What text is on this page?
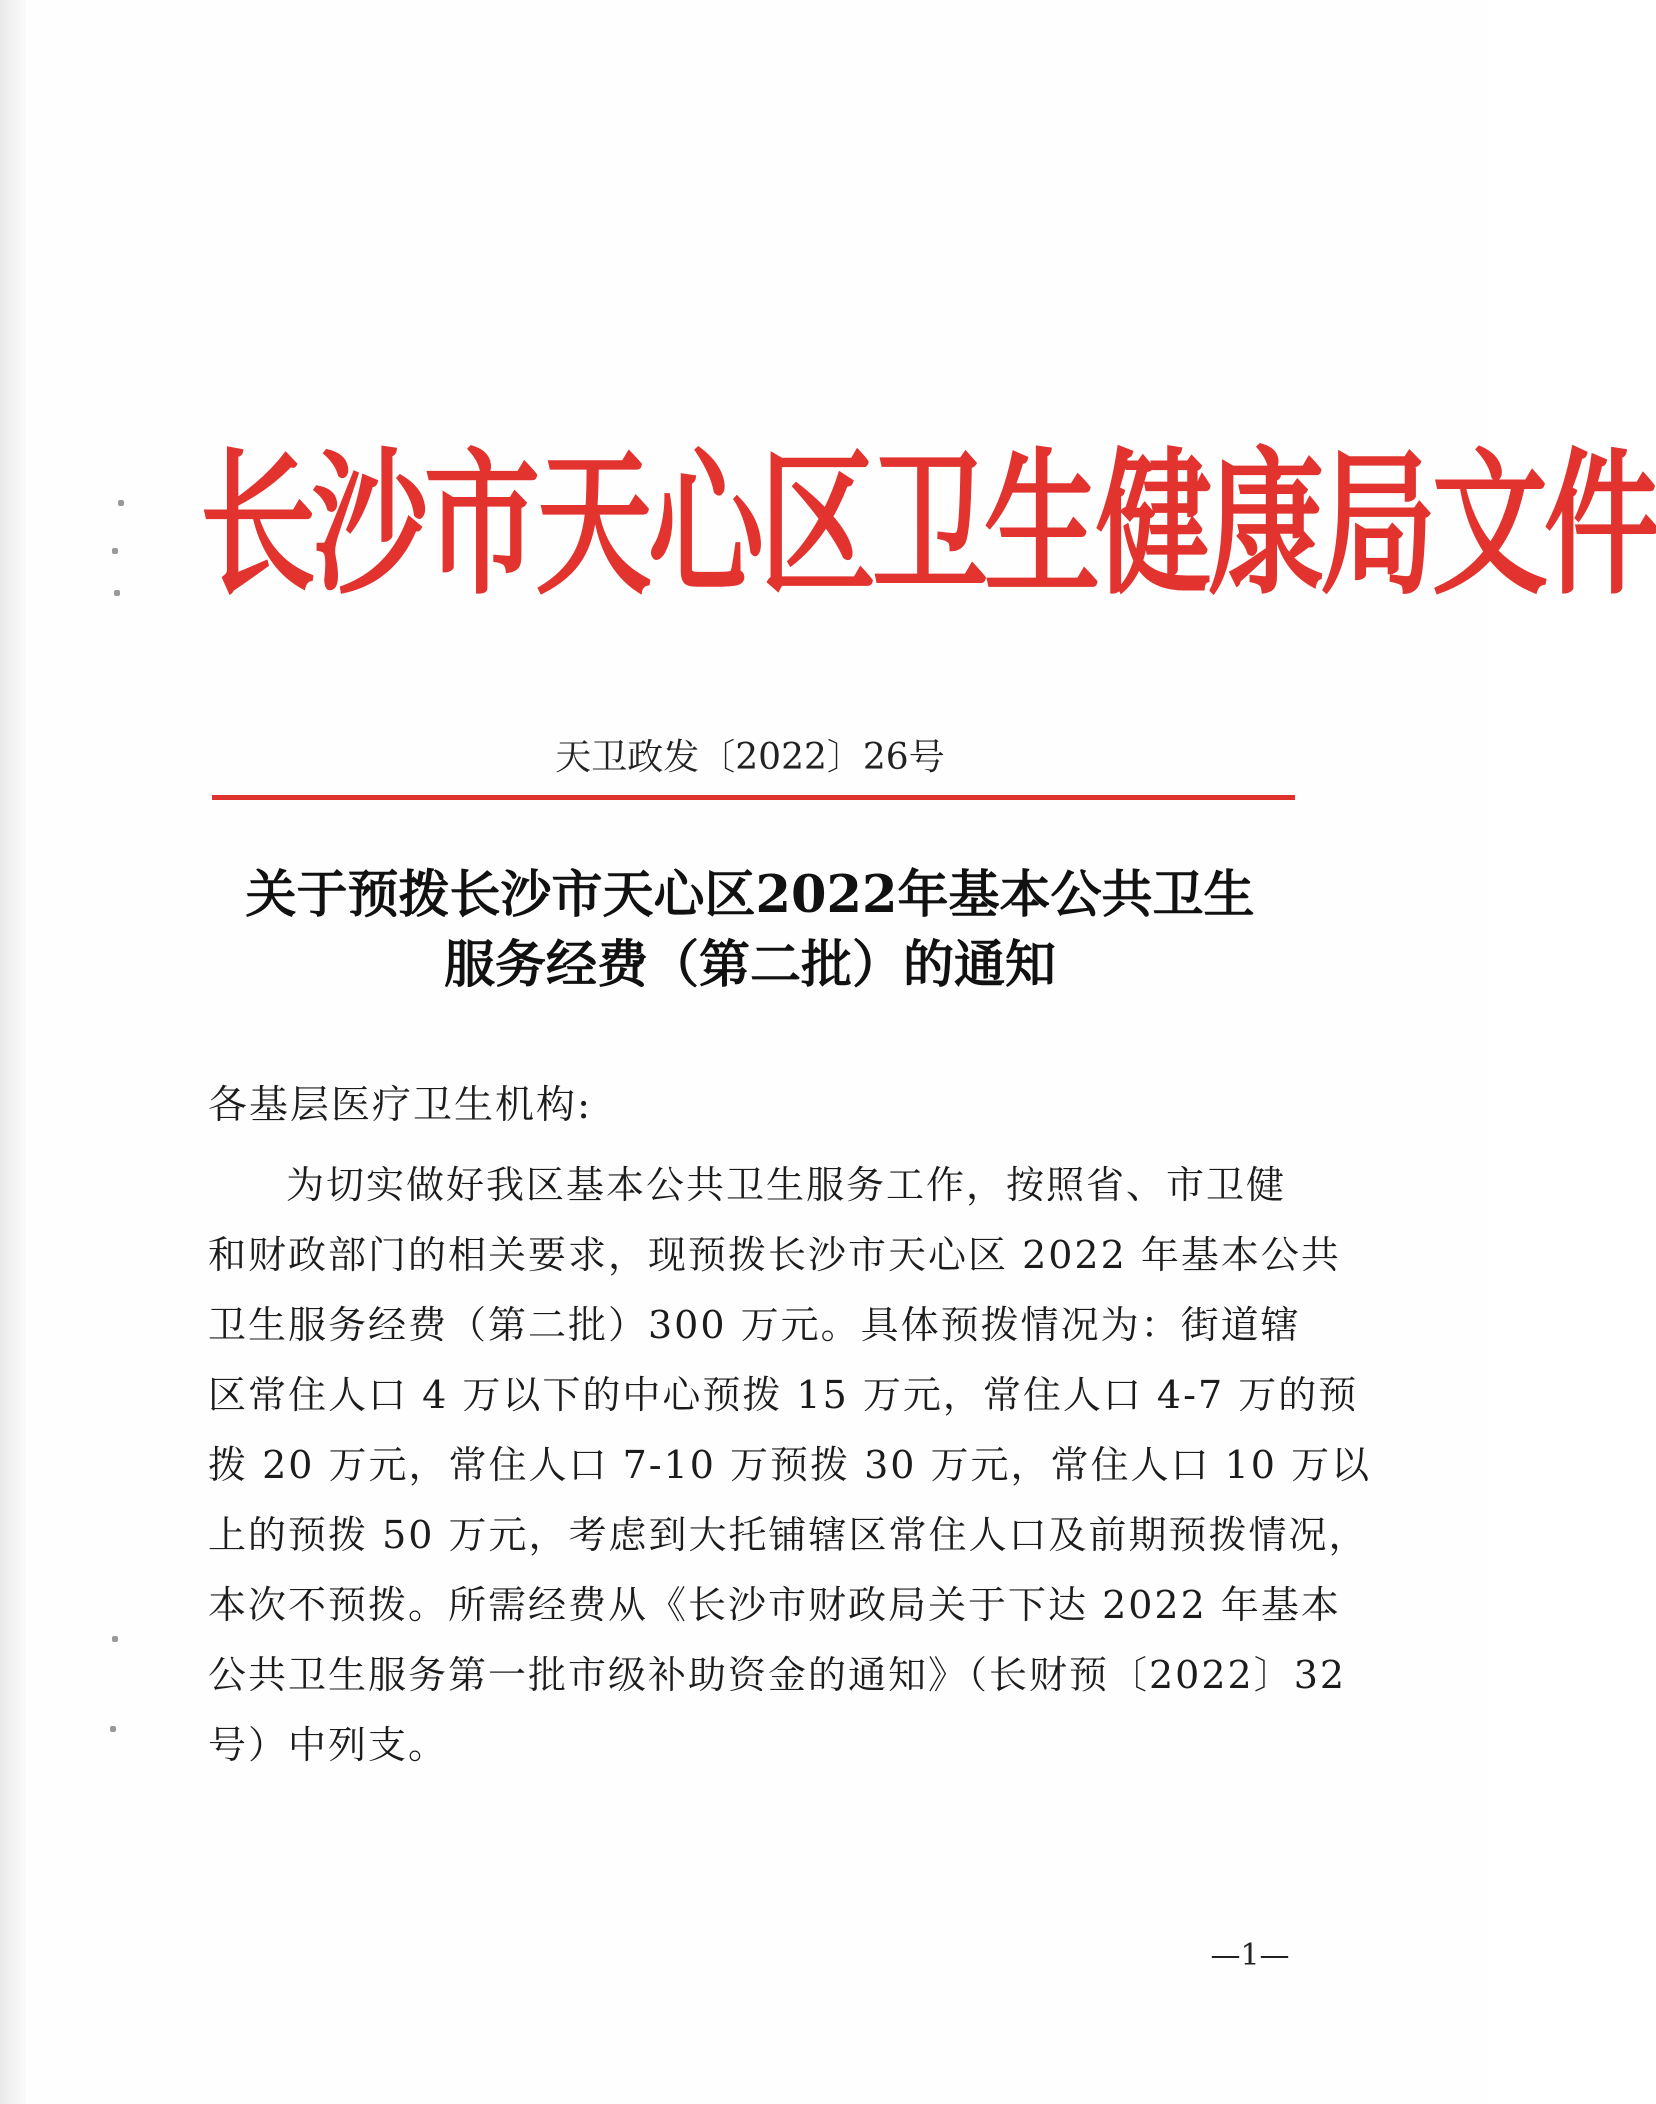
长沙市天心区卫生健康局文件
天卫政发〔2022〕26号
关于预拨长沙市天心区2022年基本公共卫生
服务经费（第二批）的通知
各基层医疗卫生机构:
为切实做好我区基本公共卫生服务工作，按照省、市卫健
和财政部门的相关要求，现预拨长沙市天心区 2022 年基本公共
卫生服务经费（第二批）300 万元。具体预拨情况为：街道辖
区常住人口 4 万以下的中心预拨 15 万元，常住人口 4-7 万的预
拨 20 万元，常住人口 7-10 万预拨 30 万元，常住人口 10 万以
上的预拨 50 万元，考虑到大托铺辖区常住人口及前期预拨情况，
本次不预拨。所需经费从《长沙市财政局关于下达 2022 年基本
公共卫生服务第一批市级补助资金的通知》（长财预〔2022〕32
号）中列支。
—1—
